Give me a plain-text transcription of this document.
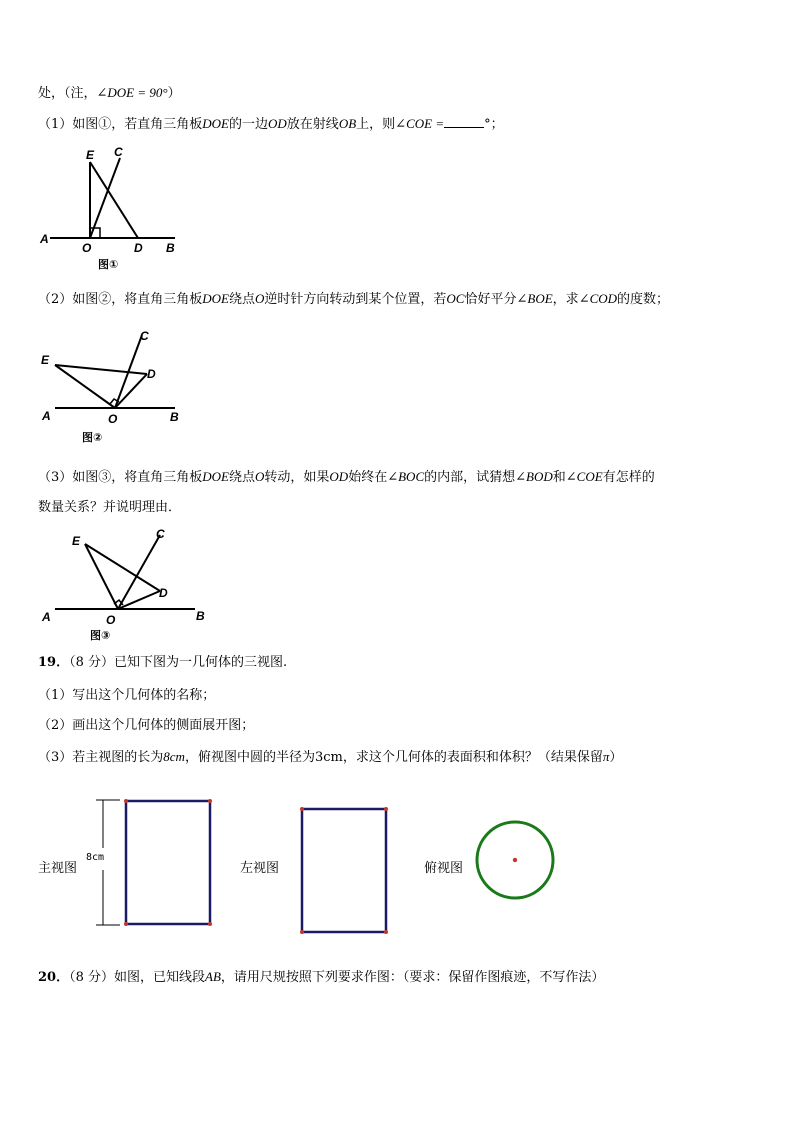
处，（注，∠DOE = 90°）
（1）如图①，若直角三角板DOE的一边OD放在射线OB上，则∠COE =	°；
E C
A
O	D B
图①
（2）如图②，将直角三角板DOE绕点O逆时针方向转动到某个位置，若OC恰好平分∠BOE，求∠COD的度数；
E
C
D
A	O	B
图②
（3）如图③，将直角三角板DOE绕点O转动，如果OD始终在∠BOC的内部，试猜想∠BOD和∠COE有怎样的
数量关系？并说明理由．
E	C
D
A	O	B
图③
19．（8 分）已知下图为一几何体的三视图.
（1）写出这个几何体的名称；
（2）画出这个几何体的侧面展开图；
（3）若主视图的长为8cm，俯视图中圆的半径为3cm，求这个几何体的表面积和体积？（结果保留π）
主视图	左视图	俯视图
8cm
20．（8 分）如图，已知线段AB，请用尺规按照下列要求作图：（要求：保留作图痕迹，不写作法）
